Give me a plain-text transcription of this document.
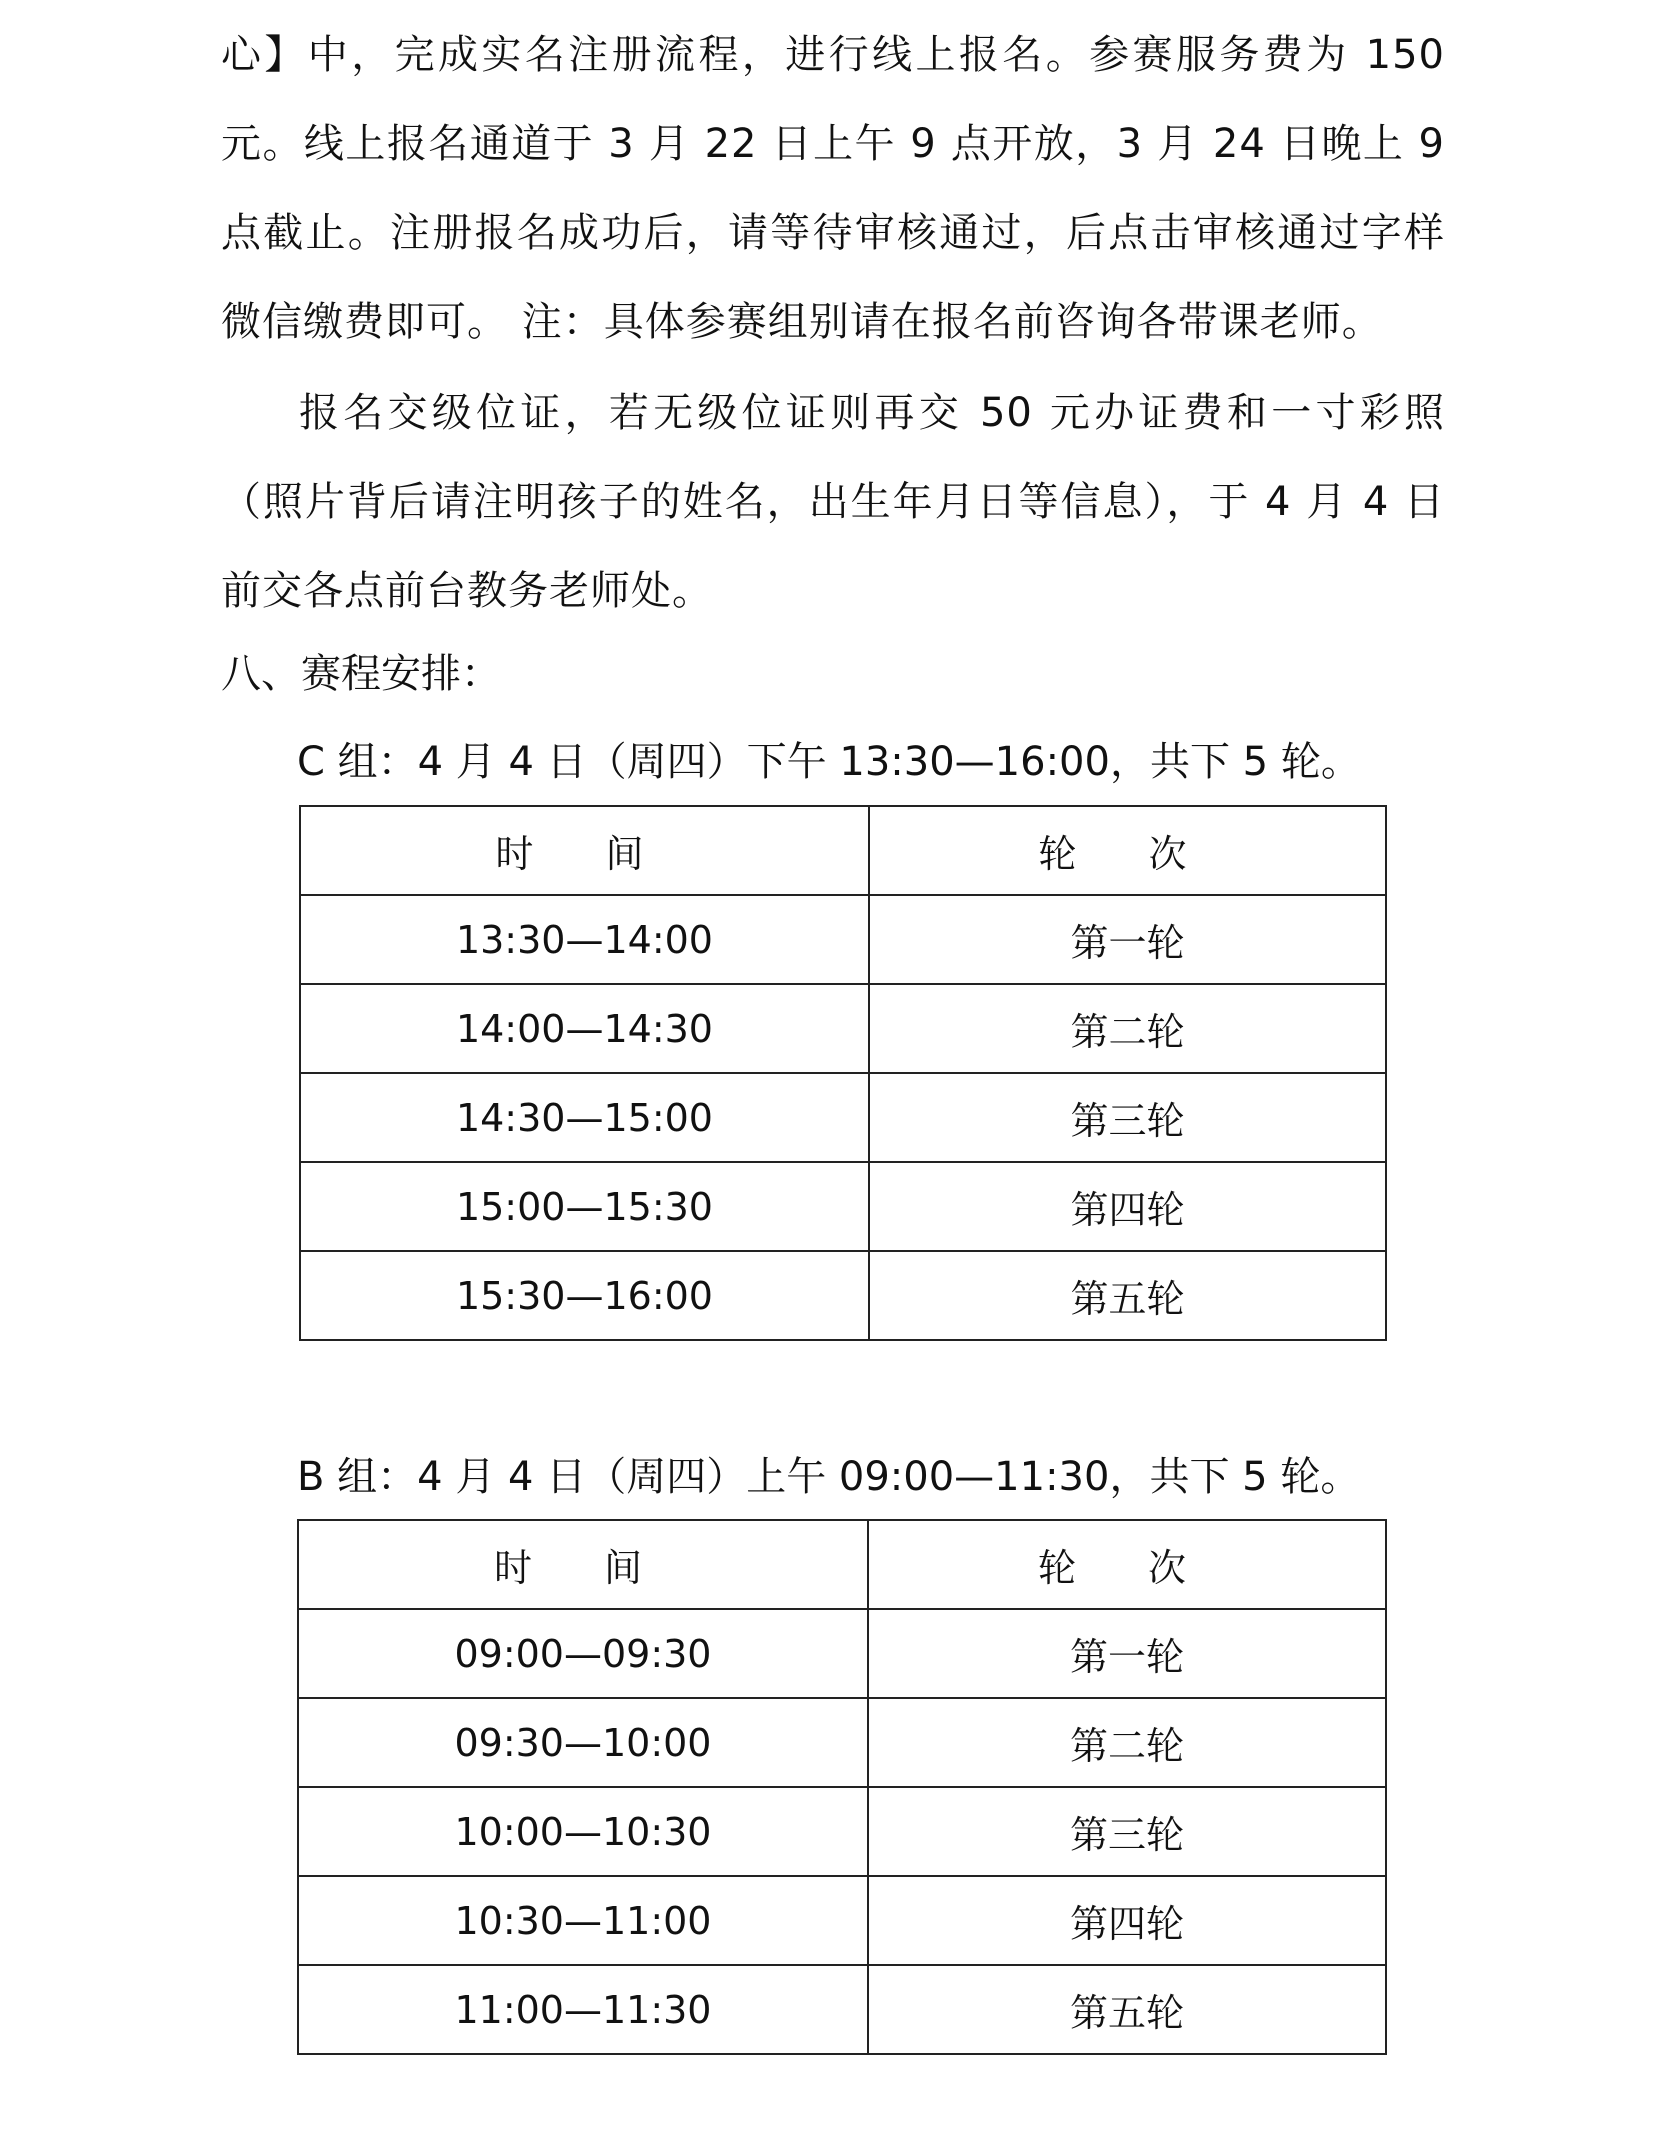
心】中，完成实名注册流程，进行线上报名。参赛服务费为 150 元。线上报名通道于 3 月 22 日上午 9 点开放，3 月 24 日晚上 9 点截止。注册报名成功后，请等待审核通过，后点击审核通过字样微信缴费即可。 注：具体参赛组别请在报名前咨询各带课老师。
报名交级位证，若无级位证则再交 50 元办证费和一寸彩照（照片背后请注明孩子的姓名，出生年月日等信息），于 4 月 4 日前交各点前台教务老师处。
八、赛程安排：
C 组：4 月 4 日（周四）下午 13:30—16:00，共下 5 轮。
时 间	轮 次
13:30—14:00	第一轮
14:00—14:30	第二轮
14:30—15:00	第三轮
15:00—15:30	第四轮
15:30—16:00	第五轮
B 组：4 月 4 日（周四）上午 09:00—11:30，共下 5 轮。
时 间	轮 次
09:00—09:30	第一轮
09:30—10:00	第二轮
10:00—10:30	第三轮
10:30—11:00	第四轮
11:00—11:30	第五轮
